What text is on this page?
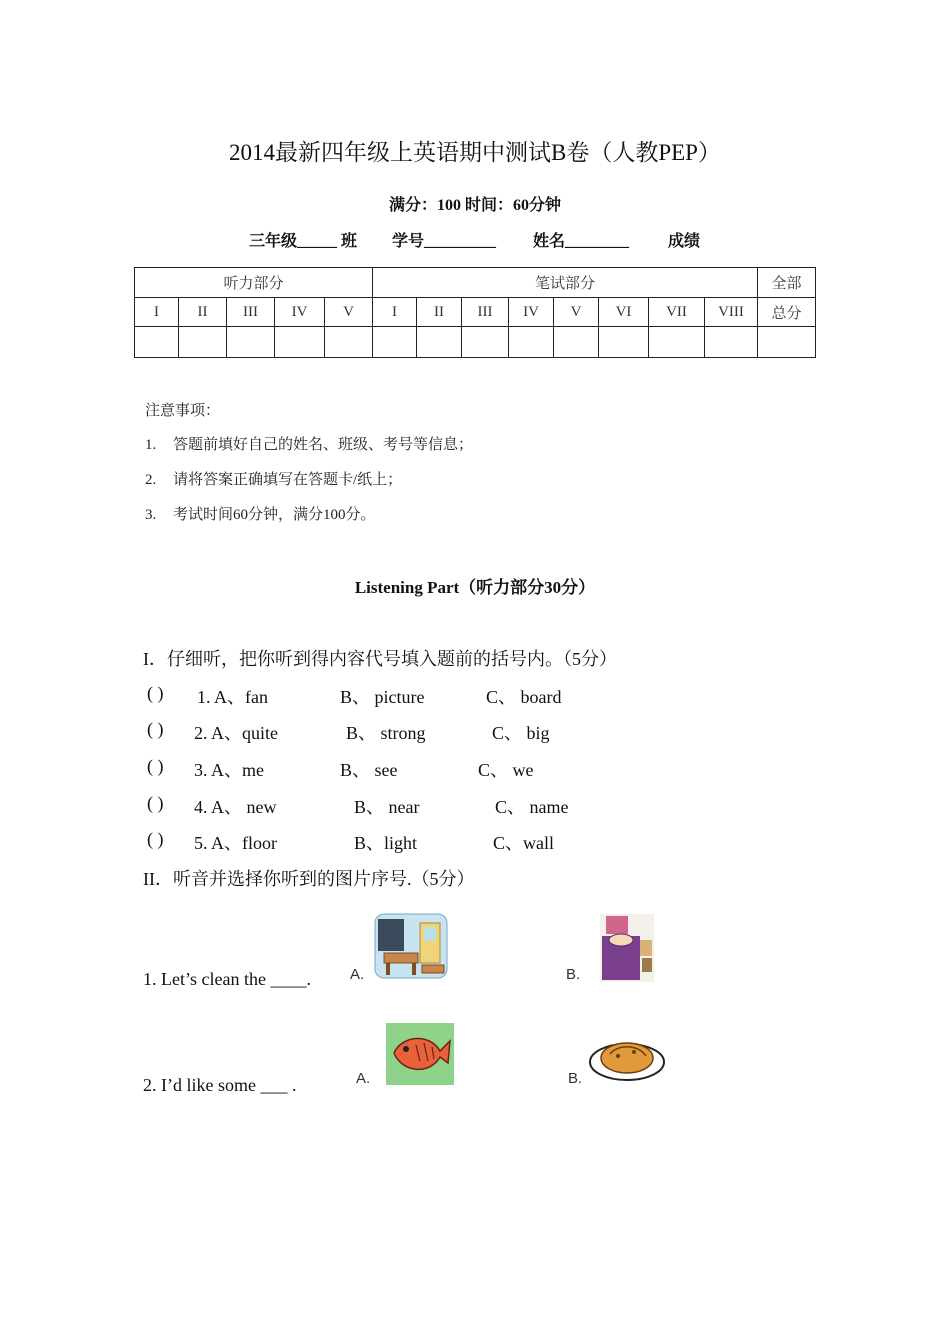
2014最新四年级上英语期中测试B卷（人教PEP）
满分：100 时间：60分钟
三年级_____ 班 学号_________ 姓名________ 成绩
听力部分					笔试部分								全部
I	II	III	IV	V	I	II	III	IV	V	VI	VII	VIII	总分

注意事项：
1. 答题前填好自己的姓名、班级、考号等信息；
2. 请将答案正确填写在答题卡/纸上；
3. 考试时间60分钟，满分100分。
Listening Part（听力部分30分）
I．仔细听，把你听到得内容代号填入题前的括号内。（5分）
( ) 1. A、fan	B、 picture	C、 board
( ) 2. A、quite	B、 strong	C、 big
( ) 3. A、me	B、 see	C、 we
( ) 4. A、 new	B、 near	C、 name
( ) 5. A、floor	B、light	C、wall
II．听音并选择你听到的图片序号.（5分）
1. Let’s clean the ____.	A.	B.
2. I’d like some ___ .	A.	B.
